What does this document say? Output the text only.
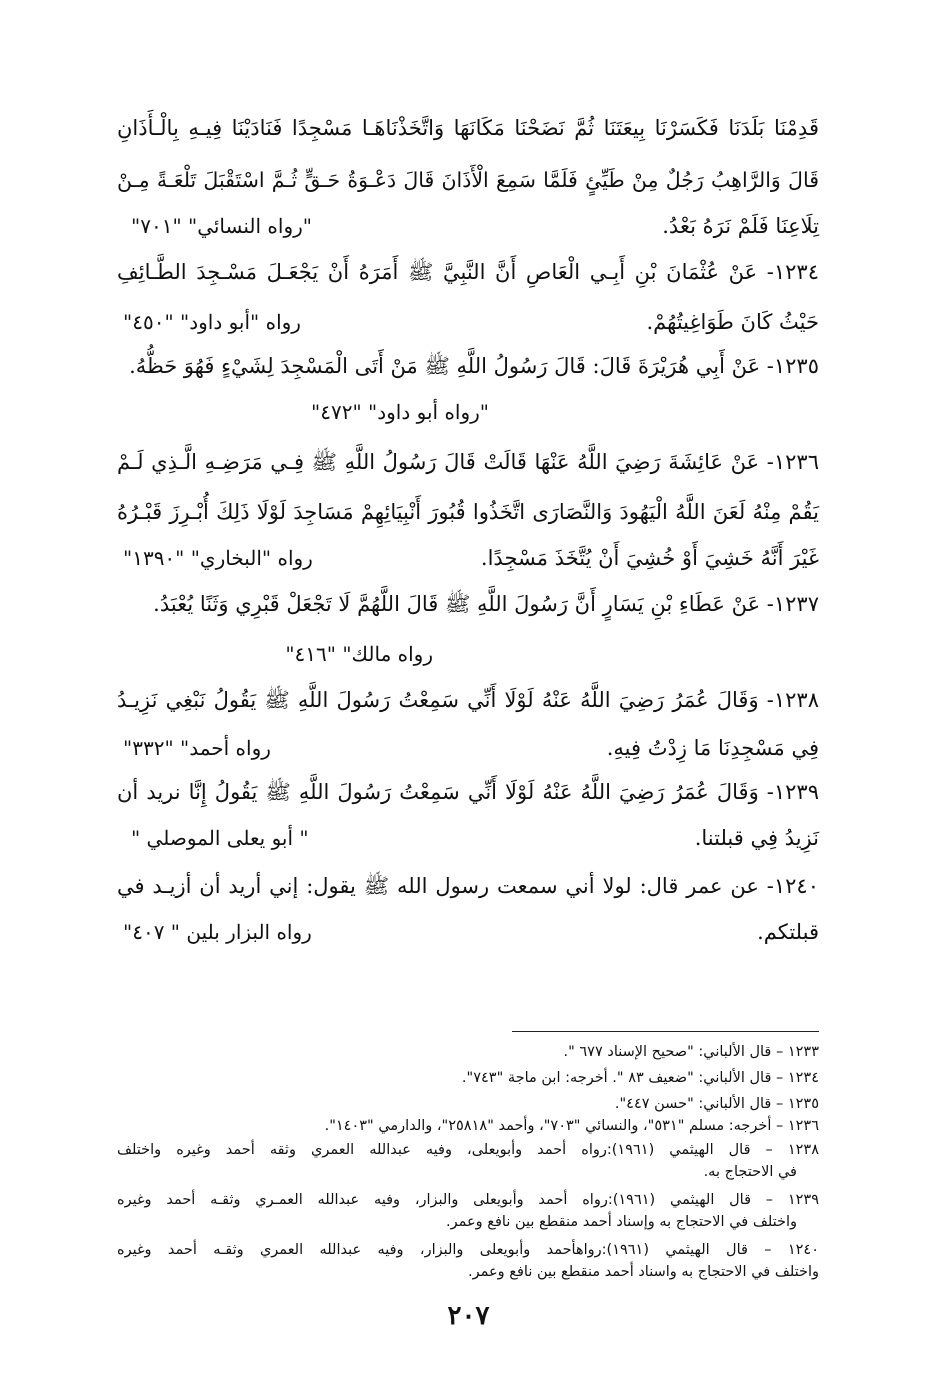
قَدِمْنَا بَلَدَنَا فَكَسَرْنَا بِيعَتَنَا ثُمَّ نَضَحْنَا مَكَانَهَا وَاتَّخَذْنَاهَـا مَسْجِدًا فَنَادَيْنَا فِيـهِ بِالْـأَذَانِ
قَالَ وَالرَّاهِبُ رَجُلٌ مِنْ طَيِّئٍ فَلَمَّا سَمِعَ الْأَذَانَ قَالَ دَعْـوَةُ حَـقٍّ ثُـمَّ اسْتَقْبَلَ تَلْعَـةً مِـنْ
تِلَاعِنَا فَلَمْ نَرَهُ بَعْدُ.
"رواه النسائي" "٧٠١"
١٢٣٤- عَنْ عُثْمَانَ بْنِ أَبِـي الْعَاصِ أَنَّ النَّبِيَّ ﷺ أَمَرَهُ أَنْ يَجْعَـلَ مَسْـجِدَ الطَّـائِفِ
حَيْثُ كَانَ طَوَاغِيتُهُمْ.
رواه "أبو داود" "٤٥٠"
١٢٣٥- عَنْ أَبِي هُرَيْرَةَ قَالَ: قَالَ رَسُولُ اللَّهِ ﷺ مَنْ أَتَى الْمَسْجِدَ لِشَيْءٍ فَهُوَ حَظُّهُ.
"رواه أبو داود" "٤٧٢"
١٢٣٦- عَنْ عَائِشَةَ رَضِيَ اللَّهُ عَنْهَا قَالَتْ قَالَ رَسُولُ اللَّهِ ﷺ فِـي مَرَضِـهِ الَّـذِي لَـمْ
يَقُمْ مِنْهُ لَعَنَ اللَّهُ الْيَهُودَ وَالنَّصَارَى اتَّخَذُوا قُبُورَ أَنْبِيَائِهِمْ مَسَاجِدَ لَوْلَا ذَلِكَ أُبْـرِزَ قَبْـرُهُ
غَيْرَ أَنَّهُ خَشِيَ أَوْ خُشِيَ أَنْ يُتَّخَذَ مَسْجِدًا.
رواه "البخاري" "١٣٩٠"
١٢٣٧- عَنْ عَطَاءِ بْنِ يَسَارٍ أَنَّ رَسُولَ اللَّهِ ﷺ قَالَ اللَّهُمَّ لَا تَجْعَلْ قَبْرِي وَثَنًا يُعْبَدُ.
رواه مالك" "٤١٦"
١٢٣٨- وَقَالَ عُمَرُ رَضِيَ اللَّهُ عَنْهُ لَوْلَا أَنِّي سَمِعْتُ رَسُولَ اللَّهِ ﷺ يَقُولُ نَبْغِي نَزِيـدُ
فِي مَسْجِدِنَا مَا زِدْتُ فِيهِ.
رواه أحمد" "٣٣٢"
١٢٣٩- وَقَالَ عُمَرُ رَضِيَ اللَّهُ عَنْهُ لَوْلَا أَنِّي سَمِعْتُ رَسُولَ اللَّهِ ﷺ يَقُولُ إِنَّا نريد أن
نَزِيدُ فِي قبلتنا.
" أبو يعلى الموصلي "
١٢٤٠- عن عمر قال: لولا أني سمعت رسول الله ﷺ يقول: إني أريد أن أزيـد في
قبلتكم.
رواه البزار بلين " ٤٠٧"
١٢٣٣ – قال الألباني: "صحيح الإسناد ٦٧٧ ".
١٢٣٤ – قال الألباني: "ضعيف ٨٣ ". أخرجه: ابن ماجة "٧٤٣".
١٢٣٥ – قال الألباني: "حسن ٤٤٧".
١٢٣٦ – أخرجه: مسلم "٥٣١"، والنسائي "٧٠٣"، وأحمد "٢٥٨١٨"، والدارمي "١٤٠٣".
١٢٣٨ – قال الهيثمي (١٩٦١):رواه أحمد وأبويعلى، وفيه عبدالله العمري وثقه أحمد وغيره واختلف
في الاحتجاج به.
١٢٣٩ – قال الهيثمي (١٩٦١):رواه أحمد وأبويعلى والبزار، وفيه عبدالله العمـري وثقـه أحمد وغيره
واختلف في الاحتجاج به وإسناد أحمد منقطع بين نافع وعمر.
١٢٤٠ – قال الهيثمي (١٩٦١):رواهأحمد وأبويعلى والبزار، وفيه عبدالله العمري وثقـه أحمد وغيره
واختلف في الاحتجاج به واسناد أحمد منقطع بين نافع وعمر.
٢٠٧
